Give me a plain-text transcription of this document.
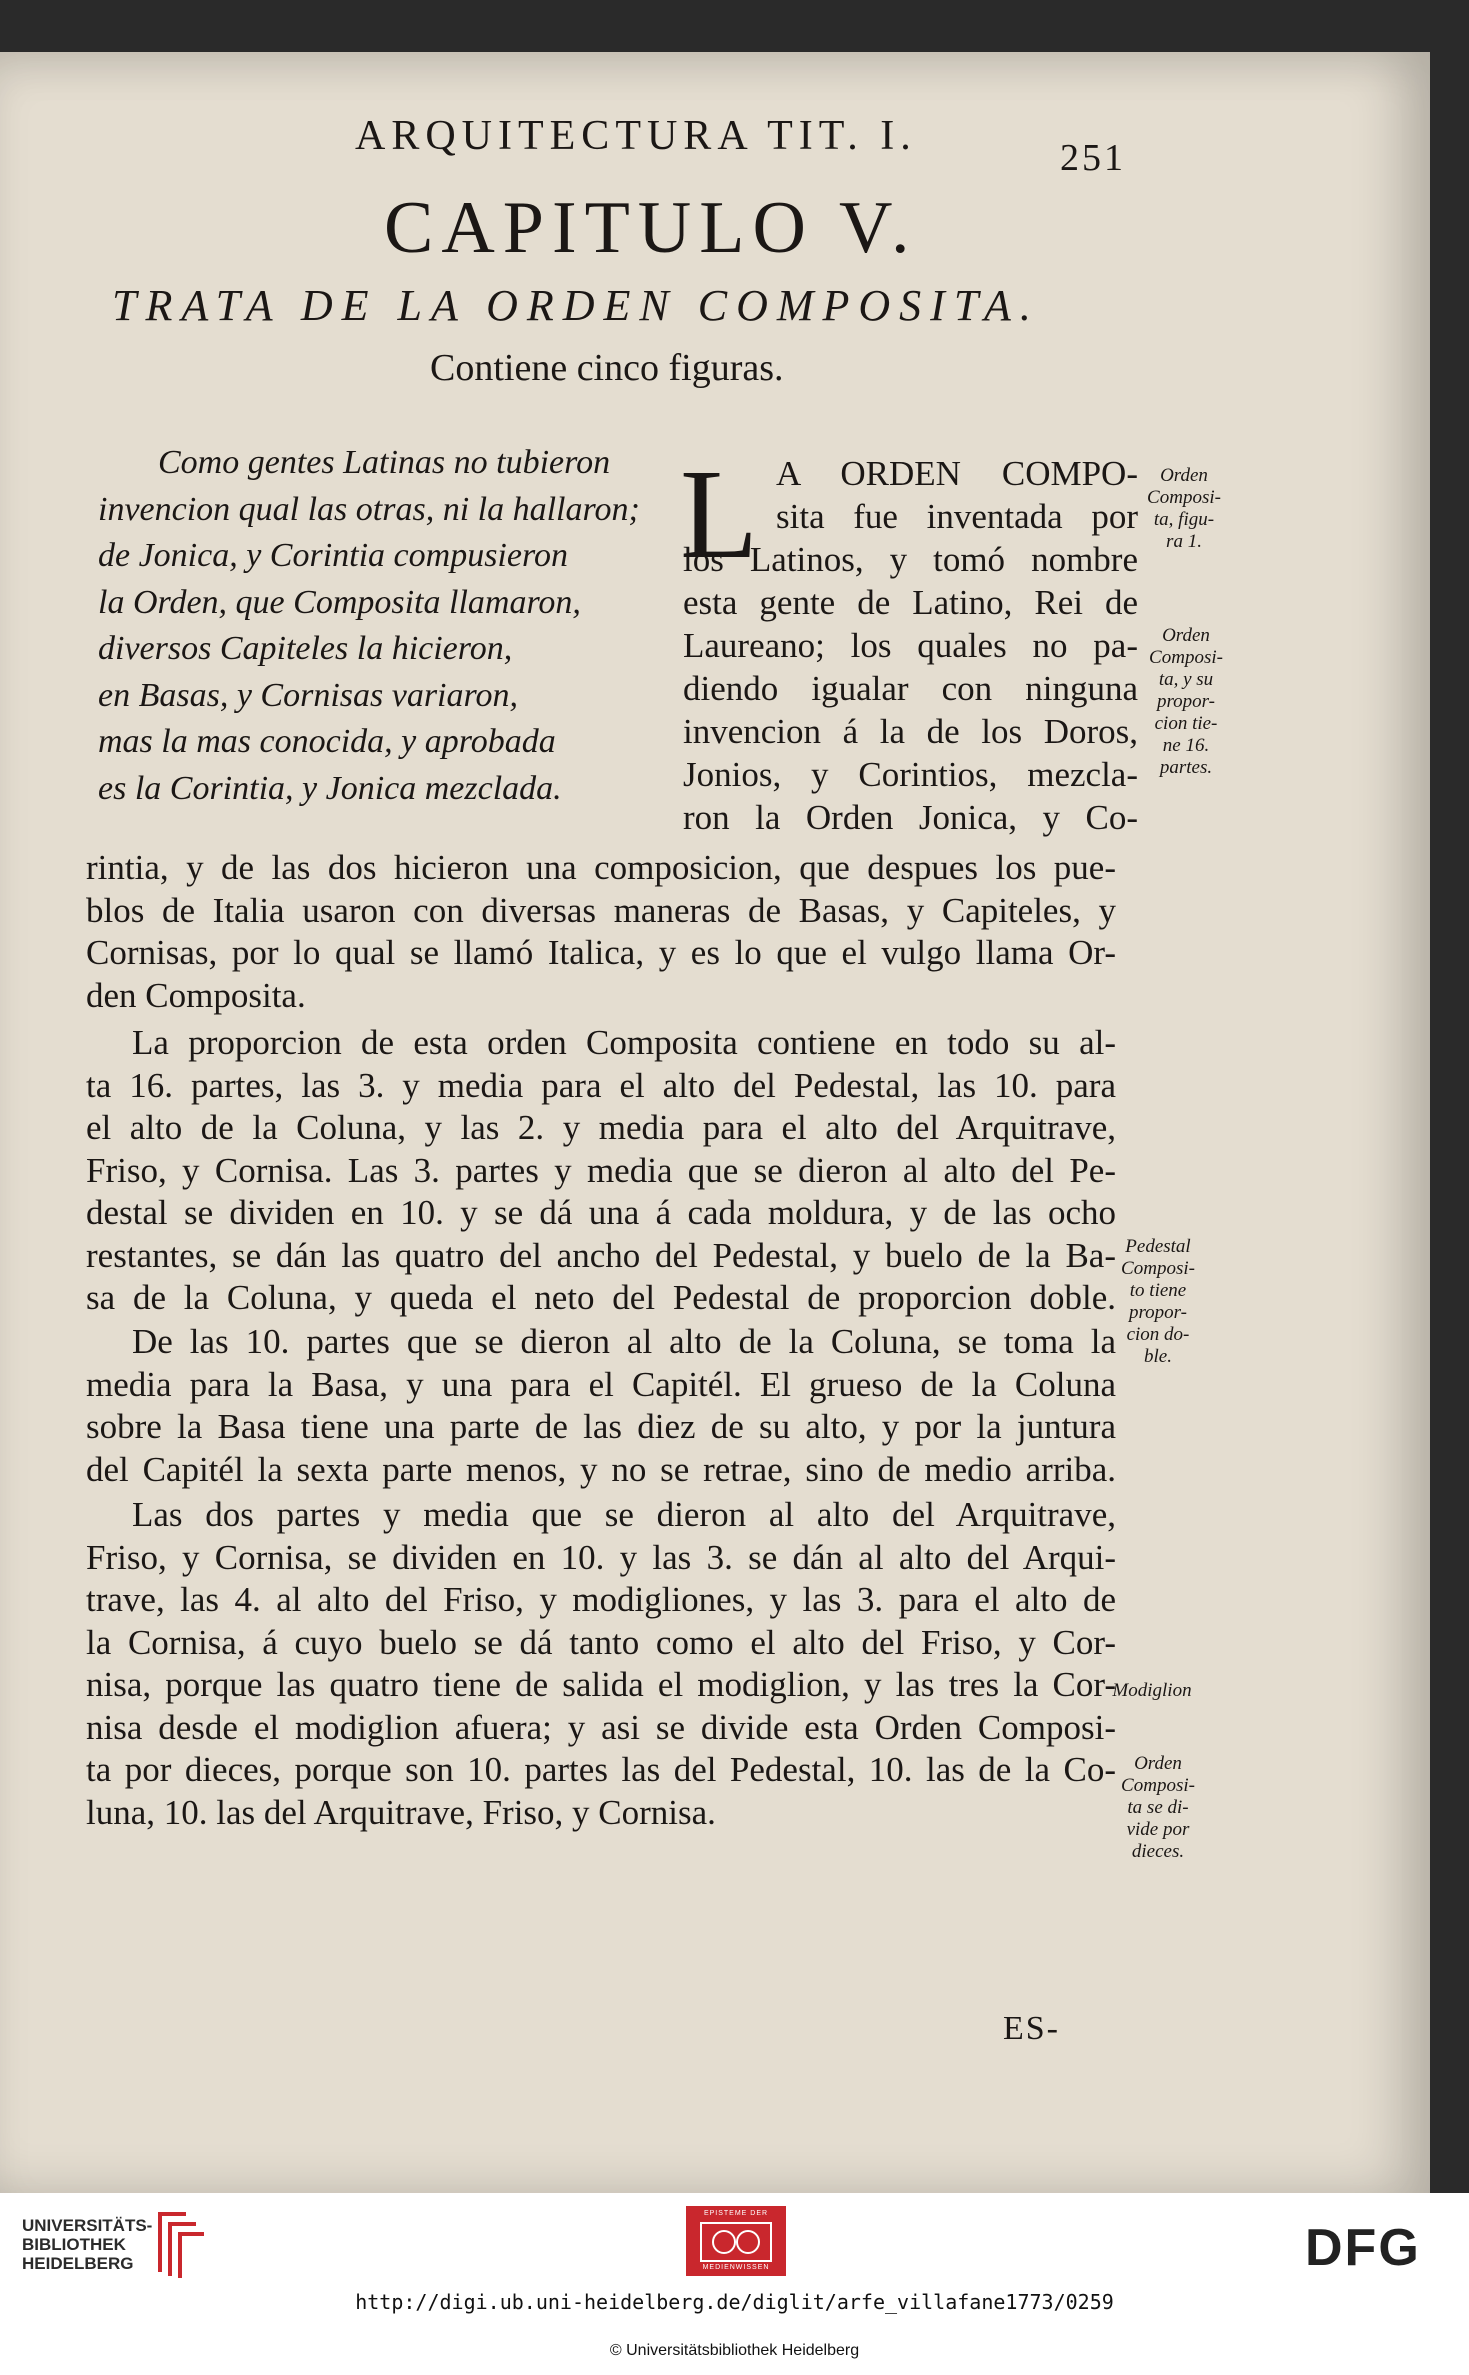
ARQUITECTURA TIT. I.	251
CAPITULO V.
TRATA DE LA ORDEN COMPOSITA.
Contiene cinco figuras.
Como gentes Latinas no tubieron
invencion qual las otras, ni la hallaron;
de Jonica, y Corintia compusieron
la Orden, que Composita llamaron,
diversos Capiteles la hicieron,
en Basas, y Cornisas variaron,
mas la mas conocida, y aprobada
es la Corintia, y Jonica mezclada.
L A ORDEN COMPO-
sita fue inventada por
los Latinos, y tomó nombre
esta gente de Latino, Rei de
Laureano; los quales no pa-
diendo igualar con ninguna
invencion á la de los Doros,
Jonios, y Corintios, mezcla-
ron la Orden Jonica, y Co-
rintia, y de las dos hicieron una composicion, que despues los pue-
blos de Italia usaron con diversas maneras de Basas, y Capiteles, y
Cornisas, por lo qual se llamó Italica, y es lo que el vulgo llama Or-
den Composita.
La proporcion de esta orden Composita contiene en todo su al-
ta 16. partes, las 3. y media para el alto del Pedestal, las 10. para
el alto de la Coluna, y las 2. y media para el alto del Arquitrave,
Friso, y Cornisa. Las 3. partes y media que se dieron al alto del Pe-
destal se dividen en 10. y se dá una á cada moldura, y de las ocho
restantes, se dán las quatro del ancho del Pedestal, y buelo de la Ba-
sa de la Coluna, y queda el neto del Pedestal de proporcion doble.
De las 10. partes que se dieron al alto de la Coluna, se toma la
media para la Basa, y una para el Capitél. El grueso de la Coluna
sobre la Basa tiene una parte de las diez de su alto, y por la juntura
del Capitél la sexta parte menos, y no se retrae, sino de medio arriba.
Las dos partes y media que se dieron al alto del Arquitrave,
Friso, y Cornisa, se dividen en 10. y las 3. se dán al alto del Arqui-
trave, las 4. al alto del Friso, y modigliones, y las 3. para el alto de
la Cornisa, á cuyo buelo se dá tanto como el alto del Friso, y Cor-
nisa, porque las quatro tiene de salida el modiglion, y las tres la Cor-
nisa desde el modiglion afuera; y asi se divide esta Orden Composi-
ta por dieces, porque son 10. partes las del Pedestal, 10. las de la Co-
luna, 10. las del Arquitrave, Friso, y Cornisa.
Orden
Composi-
ta, figu-
ra 1.
Orden
Composi-
ta, y su
propor-
cion tie-
ne 16.
partes.
Pedestal
Composi-
to tiene
propor-
cion do-
ble.
Modiglion
Orden
Composi-
ta se di-
vide por
dieces.
ES-
UNIVERSITÄTS-
BIBLIOTHEK
HEIDELBERG
EPISTEME DER
MEDIENWISSEN	DFG
http://digi.ub.uni-heidelberg.de/diglit/arfe_villafane1773/0259
© Universitätsbibliothek Heidelberg
